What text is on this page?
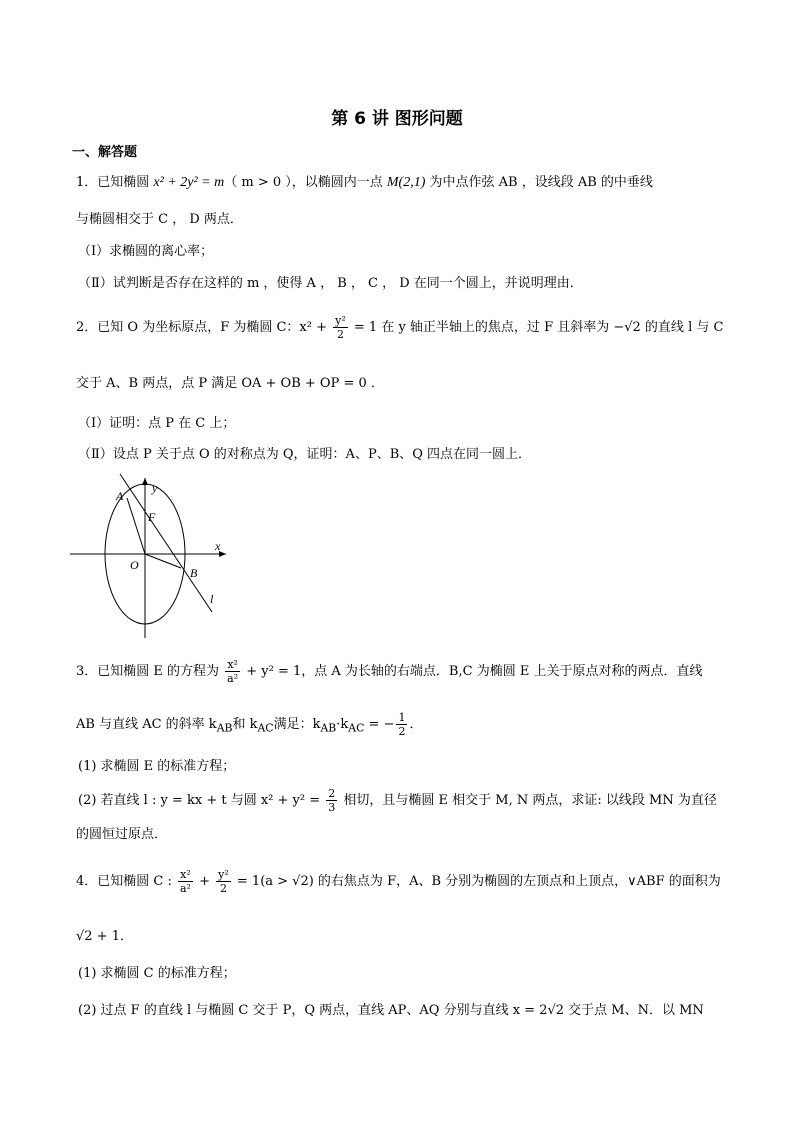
第 6 讲 图形问题
一、解答题
1．已知椭圆 x² + 2y² = m（ m > 0 ），以椭圆内一点 M(2,1) 为中点作弦 AB ，设线段 AB 的中垂线
与椭圆相交于 C ， D 两点．
（Ⅰ）求椭圆的离心率；
（Ⅱ）试判断是否存在这样的 m ，使得 A ， B ， C ， D 在同一个圆上，并说明理由．
2．已知 O 为坐标原点，F 为椭圆 C：$x^2 + \frac{\text{y²}}{2} = 1$ 在 y 轴正半轴上的焦点，过 F 且斜率为 −√2 的直线 l 与 C
交于 A、B 两点，点 P 满足 OA + OB + OP = 0 ．
（Ⅰ）证明：点 P 在 C 上；
（Ⅱ）设点 P 关于点 O 的对称点为 Q，证明：A、P、B、Q 四点在同一圆上．
A
y
F
x
O
B
l
3．已知椭圆 E 的方程为 $\frac{\text{x²}}{\text{a²}} + y^2 = 1$，点 A 为长轴的右端点．B,C 为椭圆 E 上关于原点对称的两点．直线
AB 与直线 AC 的斜率 $k_{AB}$和 $k_{AC}$满足：$k_{AB}\cdot k_{AC}$ = − $\frac{1}{2}$ ．
(1) 求椭圆 E 的标准方程；
(2) 若直线 l : y = kx + t 与圆 $x^2 + y^2 = \frac{2}{3}$ 相切，且与椭圆 E 相交于 M, N 两点，求证: 以线段 MN 为直径
的圆恒过原点．
4．已知椭圆 C : $\frac{\text{x²}}{\text{a²}} + \frac{\text{y²}}{2} = 1(a > √2)$ 的右焦点为 F，A、B 分别为椭圆的左顶点和上顶点，∨ABF 的面积为
√2 + 1．
(1) 求椭圆 C 的标准方程；
(2) 过点 F 的直线 l 与椭圆 C 交于 P，Q 两点，直线 AP、AQ 分别与直线 x = 2√2 交于点 M、N．以 MN
